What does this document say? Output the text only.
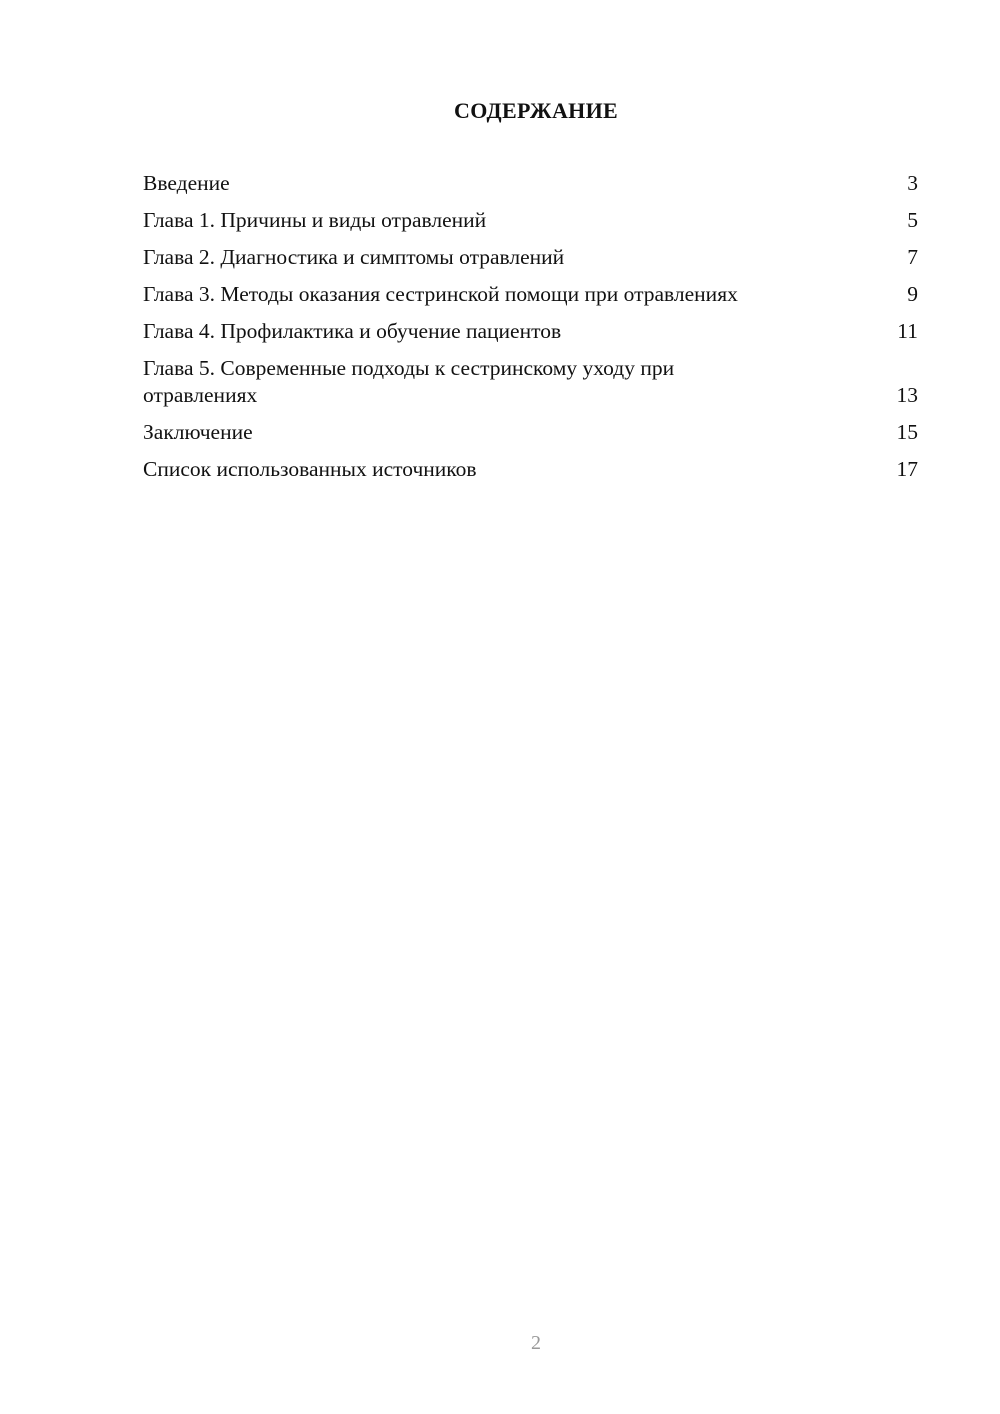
СОДЕРЖАНИЕ
Введение	3
Глава 1. Причины и виды отравлений	5
Глава 2. Диагностика и симптомы отравлений	7
Глава 3. Методы оказания сестринской помощи при отравлениях	9
Глава 4. Профилактика и обучение пациентов	11
Глава 5. Современные подходы к сестринскому уходу при отравлениях	13
Заключение	15
Список использованных источников	17
2
